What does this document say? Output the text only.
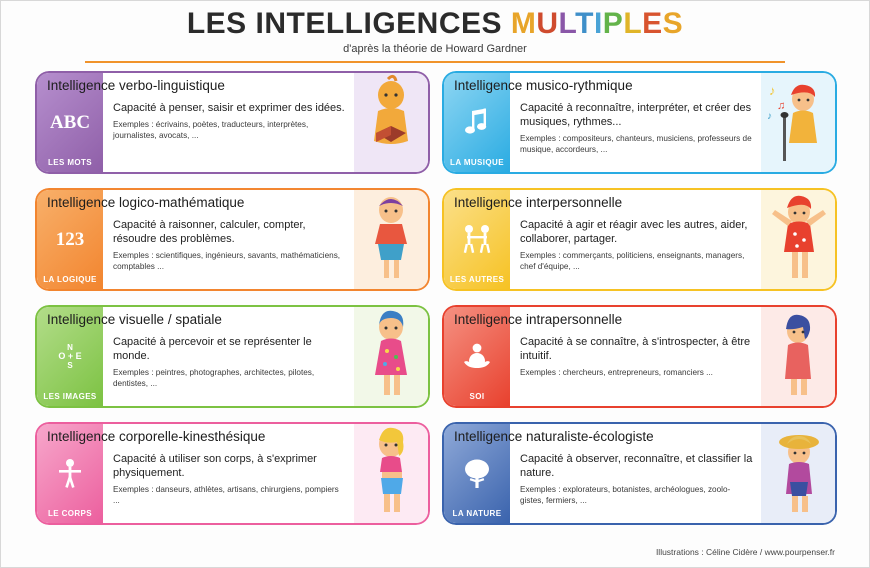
LES INTELLIGENCES MULTIPLES
d'après la théorie de Howard Gardner
ABC
LES MOTS
Intelligence verbo-linguistique
Capacité à penser, saisir et exprimer des idées.
Exemples : écrivains, poètes, traducteurs, interprètes, journalistes, avocats, ...
123
LA LOGIQUE
Intelligence logico-mathématique
Capacité à raisonner, calculer, compter, résoudre des problèmes.
Exemples : scientifiques, ingénieurs, savants, mathématiciens, comptables ...
N
O + E
S
LES IMAGES
Intelligence visuelle / spatiale
Capacité à percevoir et se représenter le monde.
Exemples : peintres, photographes, architectes, pilotes, dentistes, ...
LE CORPS
Intelligence corporelle-kinesthésique
Capacité à utiliser son corps, à s'exprimer physiquement.
Exemples : danseurs, athlètes, artisans, chirurgiens, pompiers ...
LA MUSIQUE
Intelligence musico-rythmique
Capacité à reconnaître, interpréter, et créer des musiques, rythmes...
Exemples : compositeurs, chanteurs, musiciens, professeurs de musique, accordeurs, ...
♪
♫
♪
LES AUTRES
Intelligence interpersonnelle
Capacité à agir et réagir avec les autres, aider, collaborer, partager.
Exemples : commerçants, politiciens, enseignants, managers, chef d'équipe, ...
SOI
Intelligence intrapersonnelle
Capacité à se connaître, à s'introspecter, à être intuitif.
Exemples : chercheurs, entrepreneurs, romanciers ...
LA NATURE
Intelligence naturaliste-écologiste
Capacité à observer, reconnaître, et classifier la nature.
Exemples : explorateurs, botanistes, archéologues, zoolo-gistes, fermiers, ...
Illustrations : Céline Cidère / www.pourpenser.fr
